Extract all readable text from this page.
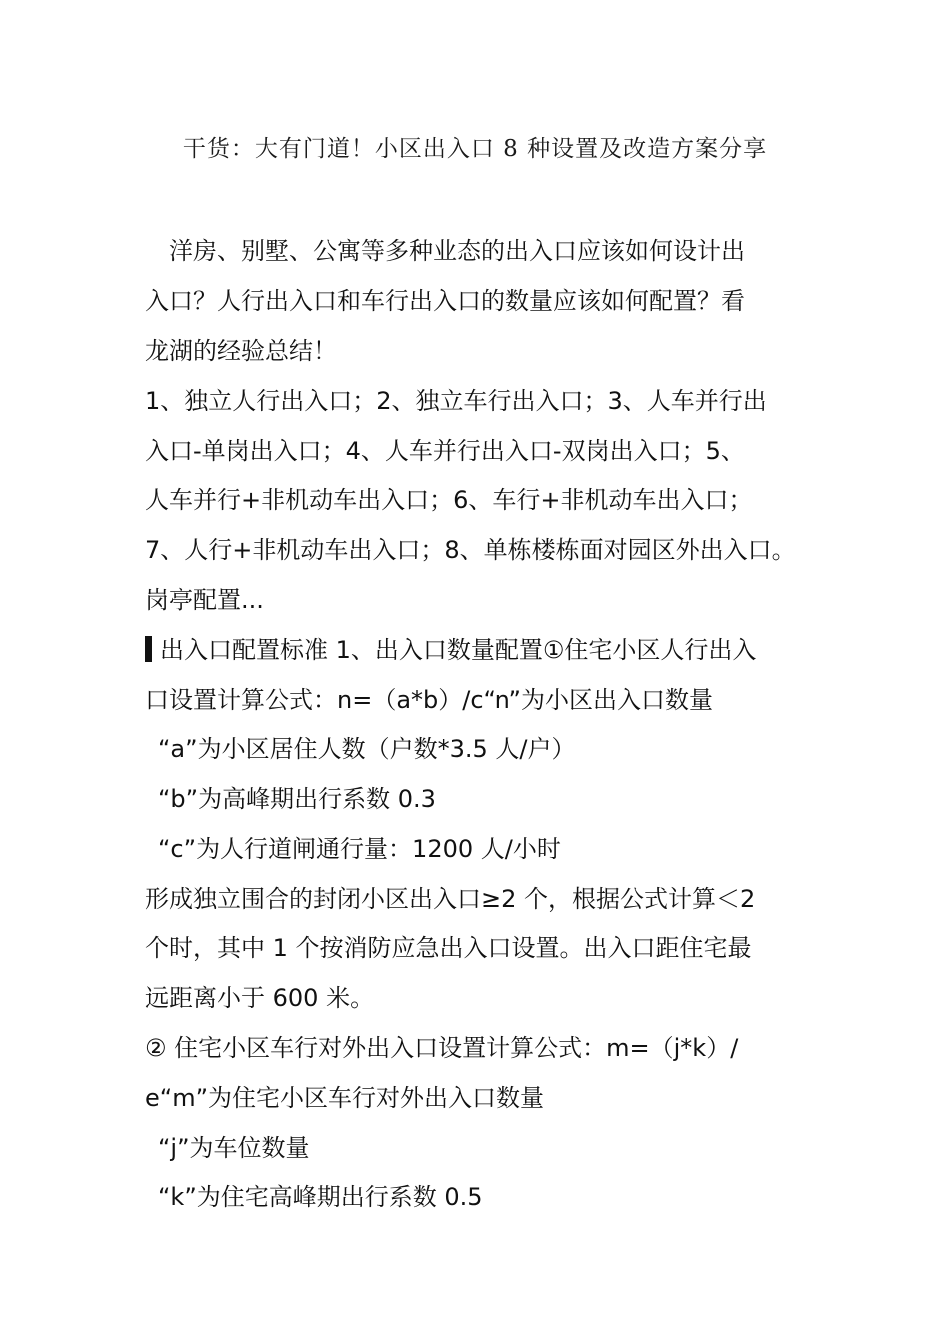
干货：大有门道！小区出入口 8 种设置及改造方案分享
　洋房、别墅、公寓等多种业态的出入口应该如何设计出
入口？人行出入口和车行出入口的数量应该如何配置？看
龙湖的经验总结！
1、独立人行出入口；2、独立车行出入口；3、人车并行出
入口-单岗出入口；4、人车并行出入口-双岗出入口；5、
人车并行+非机动车出入口；6、车行+非机动车出入口；
7、人行+非机动车出入口；8、单栋楼栋面对园区外出入口。
岗亭配置...
出入口配置标准 1、出入口数量配置①住宅小区人行出入
口设置计算公式：n=（a*b）/c“n”为小区出入口数量
“a”为小区居住人数（户数*3.5 人/户）
“b”为高峰期出行系数 0.3
“c”为人行道闸通行量：1200 人/小时
形成独立围合的封闭小区出入口≥2 个，根据公式计算＜2
个时，其中 1 个按消防应急出入口设置。出入口距住宅最
远距离小于 600 米。
② 住宅小区车行对外出入口设置计算公式：m=（j*k）/
e“m”为住宅小区车行对外出入口数量
“j”为车位数量
“k”为住宅高峰期出行系数 0.5
